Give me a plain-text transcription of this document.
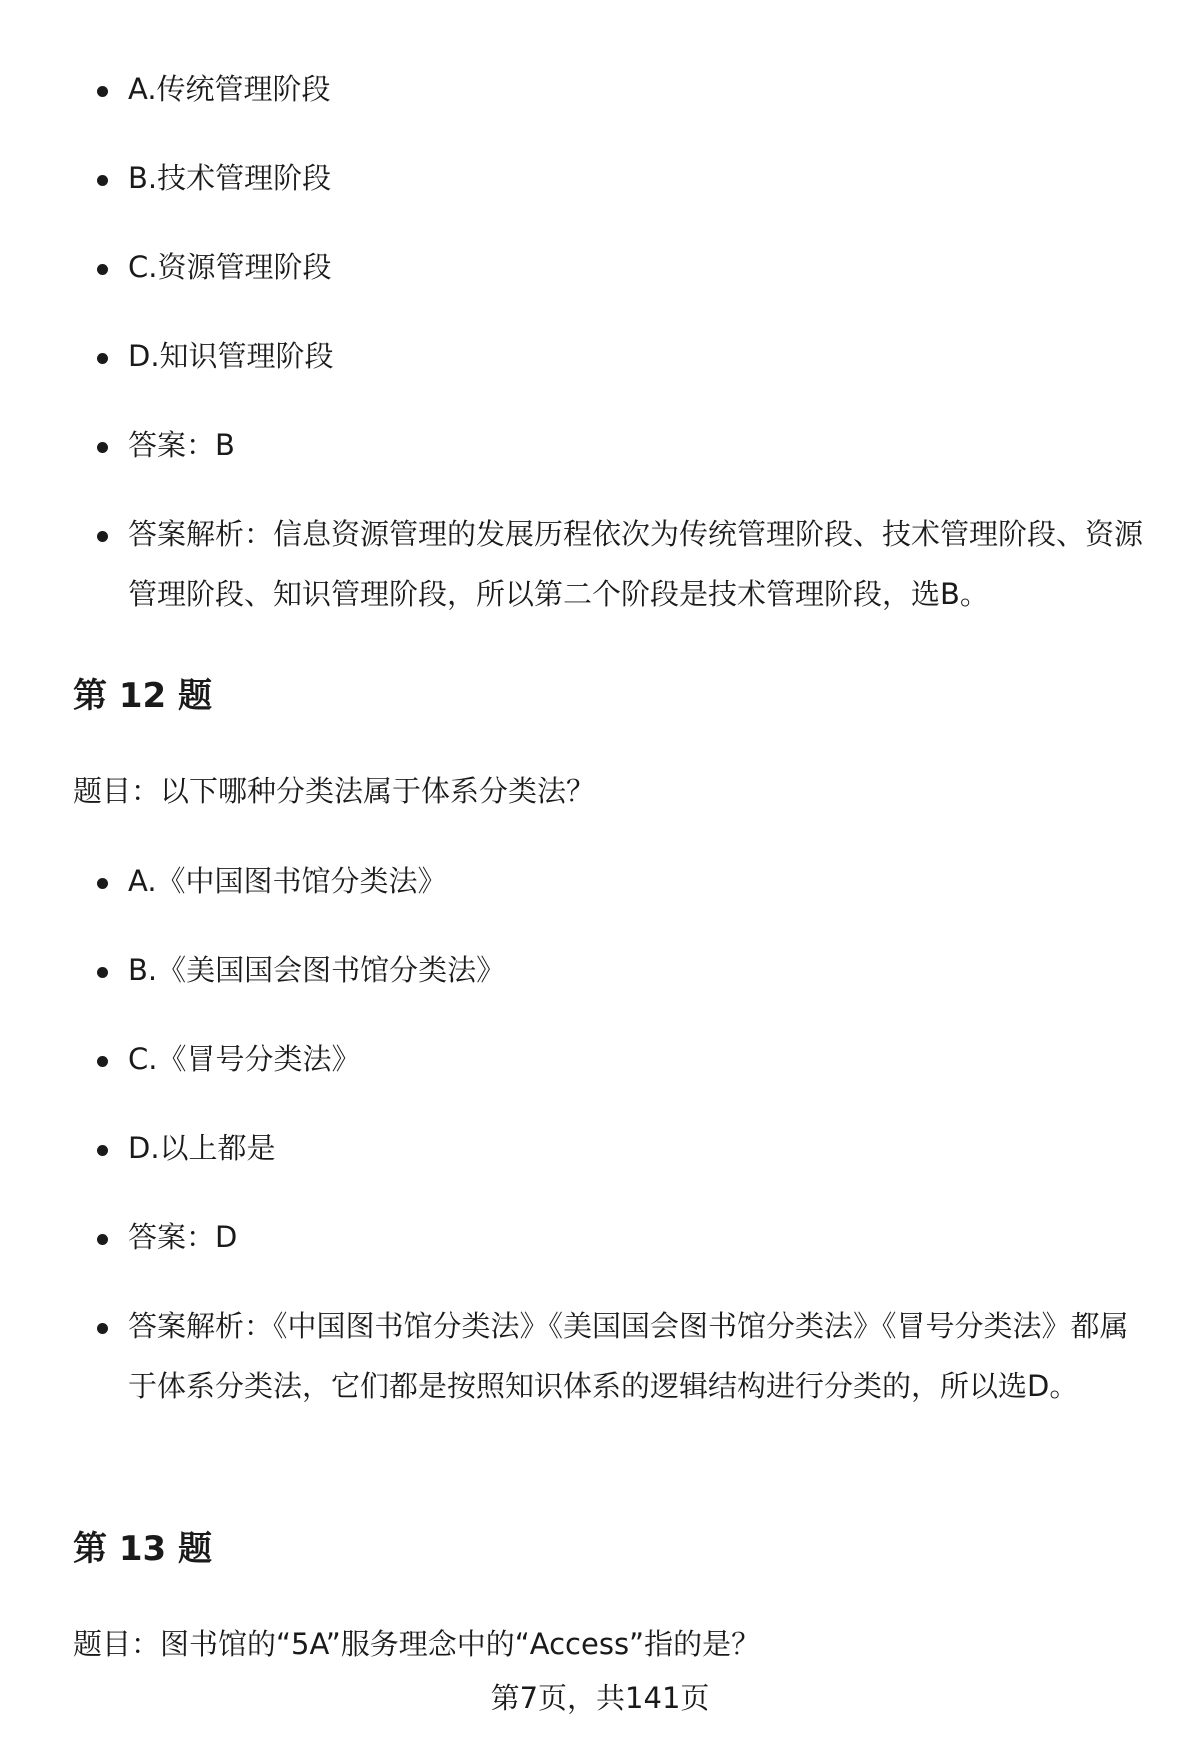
A.传统管理阶段
B.技术管理阶段
C.资源管理阶段
D.知识管理阶段
答案：B
答案解析：信息资源管理的发展历程依次为传统管理阶段、技术管理阶段、资源管理阶段、知识管理阶段，所以第二个阶段是技术管理阶段，选B。
第 12 题
题目：以下哪种分类法属于体系分类法？
A.《中国图书馆分类法》
B.《美国国会图书馆分类法》
C.《冒号分类法》
D.以上都是
答案：D
答案解析：《中国图书馆分类法》《美国国会图书馆分类法》《冒号分类法》都属于体系分类法，它们都是按照知识体系的逻辑结构进行分类的，所以选D。
第 13 题
题目：图书馆的“5A”服务理念中的“Access”指的是？
第7页，共141页
